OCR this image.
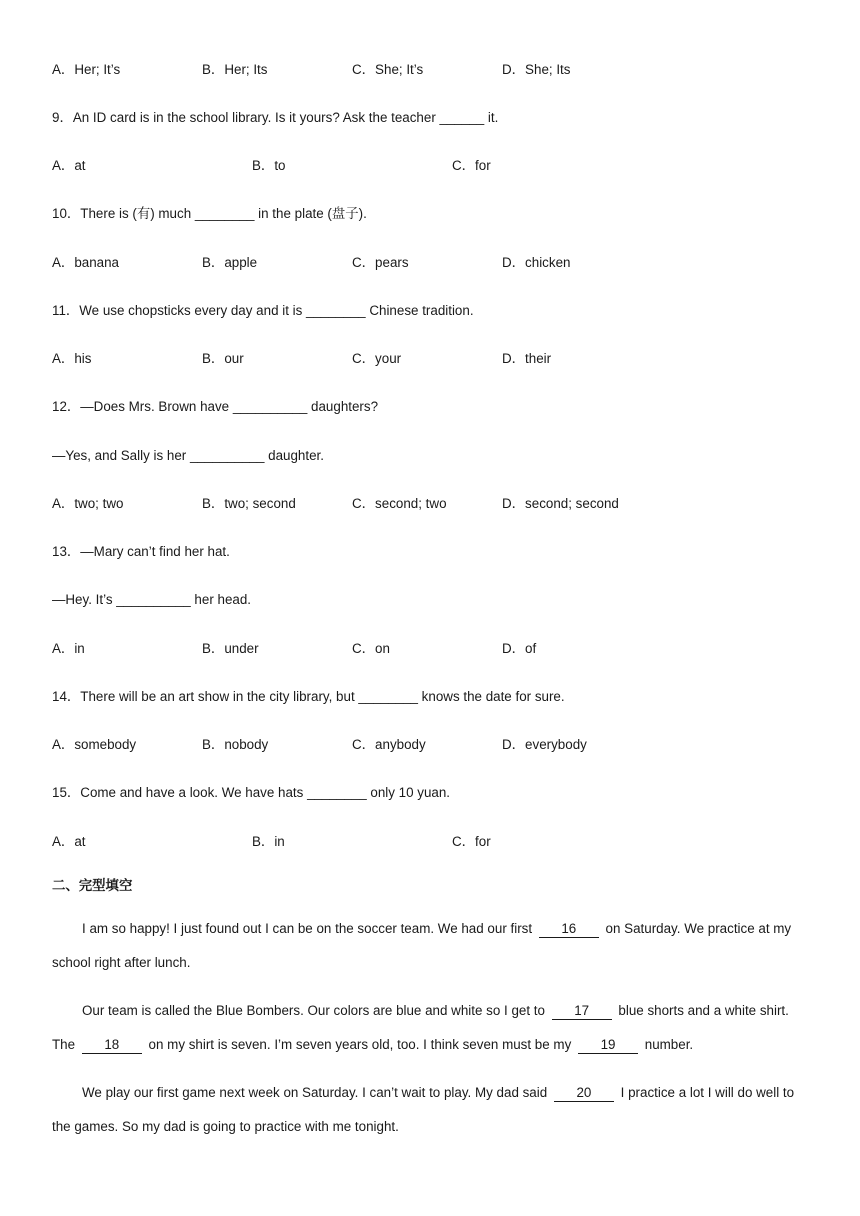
A．Her; It’s	B．Her; Its	C．She; It’s	D．She; Its
9．An ID card is in the school library. Is it yours? Ask the teacher ______ it.
A．at	B．to	C．for
10．There is (有) much ________ in the plate (盘子).
A．banana	B．apple	C．pears	D．chicken
11．We use chopsticks every day and it is ________ Chinese tradition.
A．his	B．our	C．your	D．their
12．—Does Mrs. Brown have __________ daughters?
—Yes, and Sally is her __________ daughter.
A．two; two	B．two; second	C．second; two	D．second; second
13．—Mary can’t find her hat.
—Hey. It’s __________ her head.
A．in	B．under	C．on	D．of
14．There will be an art show in the city library, but ________ knows the date for sure.
A．somebody	B．nobody	C．anybody	D．everybody
15．Come and have a look. We have hats ________ only 10 yuan.
A．at	B．in	C．for
二、完型填空
I am so happy! I just found out I can be on the soccer team. We had our first 16 on Saturday. We practice at my school right after lunch.
Our team is called the Blue Bombers. Our colors are blue and white so I get to 17 blue shorts and a white shirt. The 18 on my shirt is seven. I’m seven years old, too. I think seven must be my 19 number.
We play our first game next week on Saturday. I can’t wait to play. My dad said 20 I practice a lot I will do well to the games. So my dad is going to practice with me tonight.
